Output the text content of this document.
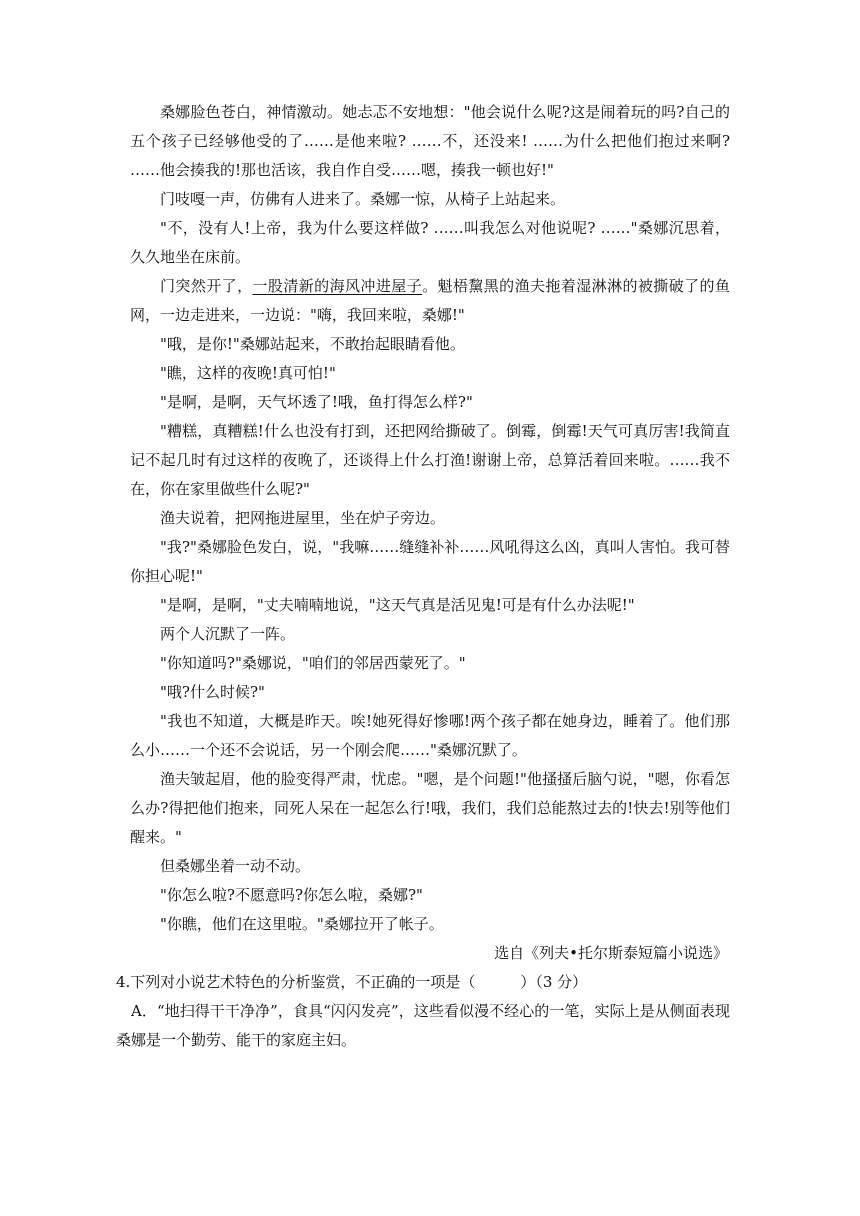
桑娜脸色苍白，神情激动。她忐忑不安地想："他会说什么呢?这是闹着玩的吗?自己的五个孩子已经够他受的了……是他来啦? ……不，还没来! ……为什么把他们抱过来啊? ……他会揍我的!那也活该，我自作自受……嗯，揍我一顿也好!"

门吱嘎一声，仿佛有人进来了。桑娜一惊，从椅子上站起来。

"不，没有人!上帝，我为什么要这样做? ……叫我怎么对他说呢? ……"桑娜沉思着，久久地坐在床前。

门突然开了，一股清新的海风冲进屋子。魁梧黧黑的渔夫拖着湿淋淋的被撕破了的鱼网，一边走进来，一边说："嗨，我回来啦，桑娜!"

"哦，是你!"桑娜站起来，不敢抬起眼睛看他。

"瞧，这样的夜晚!真可怕!"

"是啊，是啊，天气坏透了!哦，鱼打得怎么样?"

"糟糕，真糟糕!什么也没有打到，还把网给撕破了。倒霉，倒霉!天气可真厉害!我简直记不起几时有过这样的夜晚了，还谈得上什么打渔!谢谢上帝，总算活着回来啦。……我不在，你在家里做些什么呢?"

渔夫说着，把网拖进屋里，坐在炉子旁边。

"我?"桑娜脸色发白，说，"我嘛……缝缝补补……风吼得这么凶，真叫人害怕。我可替你担心呢!"

"是啊，是啊，"丈夫喃喃地说，"这天气真是活见鬼!可是有什么办法呢!"

两个人沉默了一阵。

"你知道吗?"桑娜说，"咱们的邻居西蒙死了。"

"哦?什么时候?"

"我也不知道，大概是昨天。唉!她死得好惨哪!两个孩子都在她身边，睡着了。他们那么小……一个还不会说话，另一个刚会爬……"桑娜沉默了。

渔夫皱起眉，他的脸变得严肃，忧虑。"嗯，是个问题!"他搔搔后脑勺说，"嗯，你看怎么办?得把他们抱来，同死人呆在一起怎么行!哦，我们，我们总能熬过去的!快去!别等他们醒来。"

但桑娜坐着一动不动。

"你怎么啦?不愿意吗?你怎么啦，桑娜?"

"你瞧，他们在这里啦。"桑娜拉开了帐子。

选自《列夫•托尔斯泰短篇小说选》

4.下列对小说艺术特色的分析鉴赏，不正确的一项是（　　　）（3 分）

A．“地扫得干干净净”，食具“闪闪发亮”，这些看似漫不经心的一笔，实际上是从侧面表现桑娜是一个勤劳、能干的家庭主妇。
